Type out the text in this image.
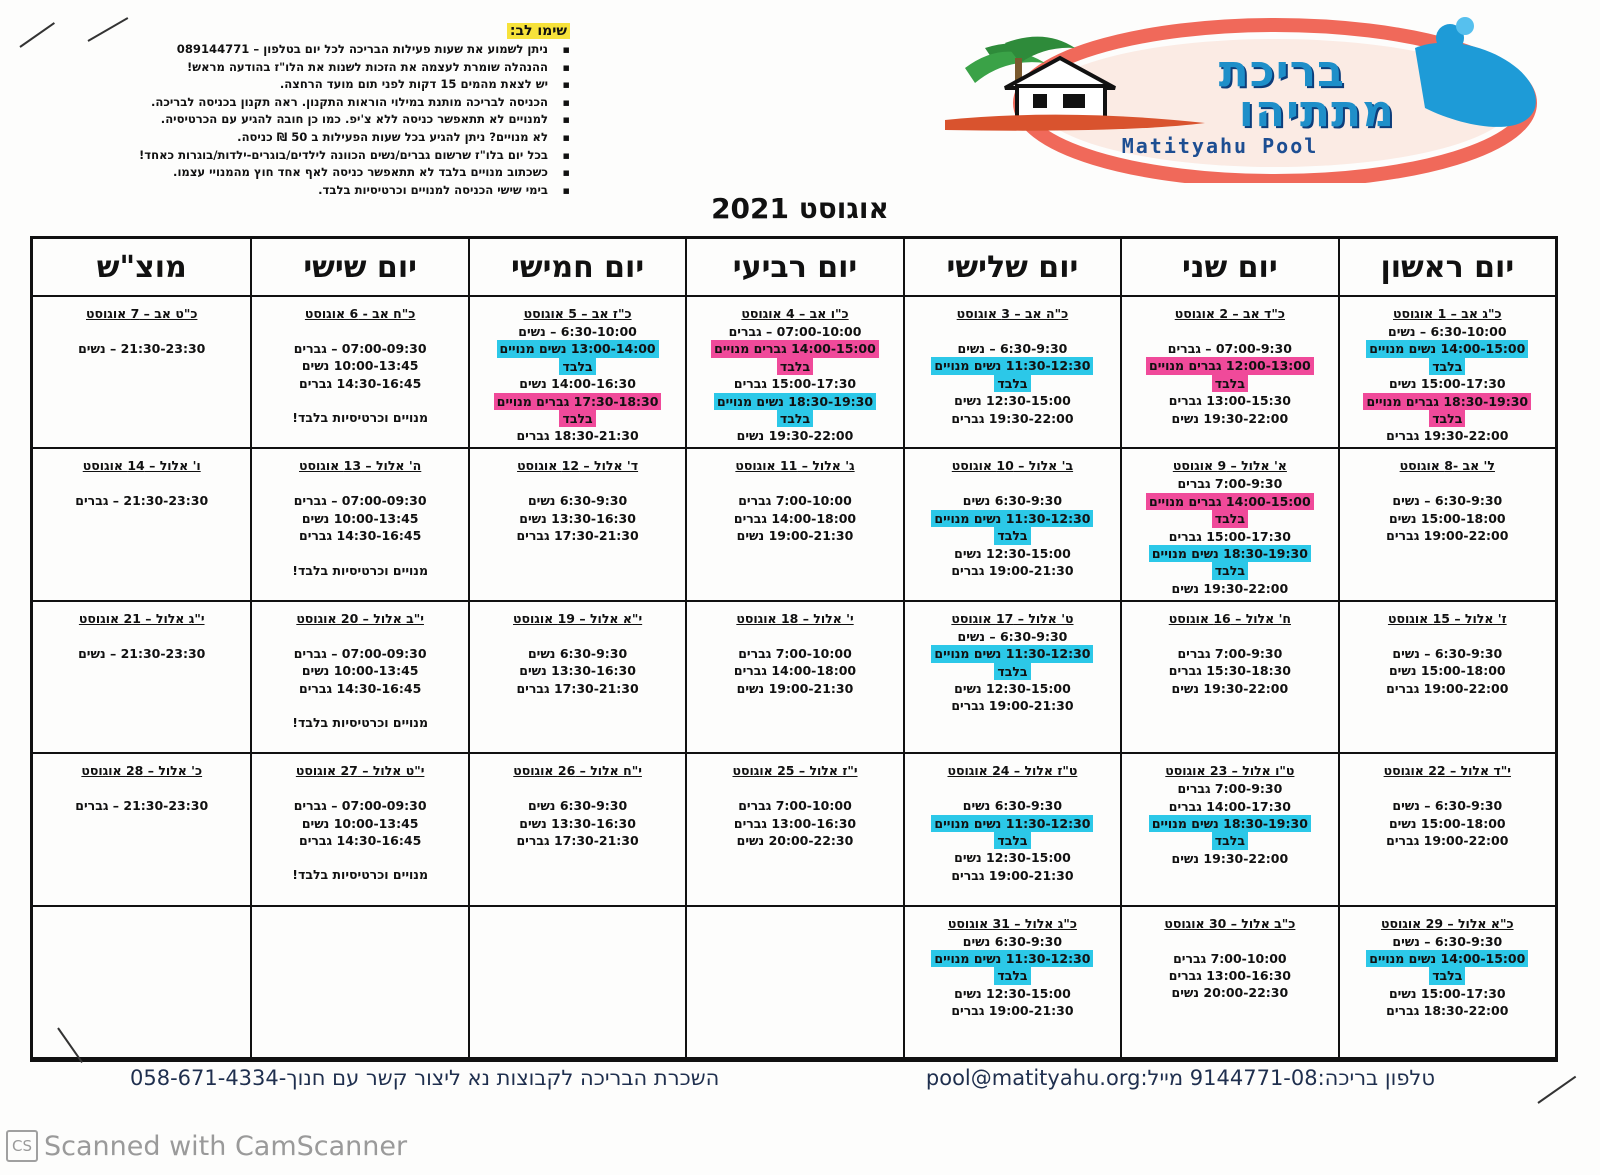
שימו לב:
▪ ניתן לשמוע את שעות פעילות הבריכה לכל יום בטלפון – 089144771
▪ ההנהלה שומרת לעצמה את הזכות לשנות את הלו"ז בהודעה מראש!
▪ יש לצאת מהמים 15 דקות לפני תום מועד הרחצה.
▪ הכניסה לבריכה מותנת במילוי הוראות התקנון. ראה תקנון בכניסה לבריכה.
▪ למנויים לא תתאפשר כניסה ללא צ'יפ. כמו כן חובה להגיע עם הכרטיסיה.
▪ לא מנויים? ניתן להגיע בכל שעות הפעילות ב 50 ₪ כניסה.
▪ בכל יום בלו"ז שרשום גברים/נשים הכוונה לילדים/בוגרים-ילדות/בוגרות כאחד!
▪ כשכתוב מנויים בלבד לא תתאפשר כניסה לאף אחד חוץ מהמנויי עצמו.
▪ בימי שישי הכניסה למנויים וכרטיסיות בלבד.
בריכת
מתתיהו
Matityahu Pool
אוגוסט 2021
יום ראשון
יום שני
יום שלישי
יום רביעי
יום חמישי
יום שישי
מוצ"ש
כ"ג אב – 1 אוגוסט
6:30-10:00 – נשים
14:00-15:00 נשים מנויים
בלבד
15:00-17:30 נשים
18:30-19:30 גברים מנויים
בלבד
19:30-22:00 גברים
כ"ד אב – 2 אוגוסט
07:00-9:30 – גברים
12:00-13:00 גברים מנויים
בלבד
13:00-15:30 גברים
19:30-22:00 נשים
כ"ה אב – 3 אוגוסט
6:30-9:30 – נשים
11:30-12:30 נשים מנויים
בלבד
12:30-15:00 נשים
19:30-22:00 גברים
כ"ו אב – 4 אוגוסט
07:00-10:00 – גברים
14:00-15:00 גברים מנויים
בלבד
15:00-17:30 גברים
18:30-19:30 נשים מנויים
בלבד
19:30-22:00 נשים
כ"ז אב – 5 אוגוסט
6:30-10:00 – נשים
13:00-14:00 נשים מנויים
בלבד
14:00-16:30 נשים
17:30-18:30 גברים מנויים
בלבד
18:30-21:30 גברים
כ"ח אב - 6 אוגוסט
07:00-09:30 – גברים
10:00-13:45 נשים
14:30-16:45 גברים
מנויים וכרטיסיות בלבד!
כ"ט אב – 7 אוגוסט
21:30-23:30 – נשים
ל' אב -8 אוגוסט
6:30-9:30 – נשים
15:00-18:00 נשים
19:00-22:00 גברים
א' אלול – 9 אוגוסט
7:00-9:30 גברים
14:00-15:00 גברים מנויים
בלבד
15:00-17:30 גברים
18:30-19:30 נשים מנויים
בלבד
19:30-22:00 נשים
ב' אלול – 10 אוגוסט
6:30-9:30 נשים
11:30-12:30 נשים מנויים
בלבד
12:30-15:00 נשים
19:00-21:30 גברים
ג' אלול – 11 אוגוסט
7:00-10:00 גברים
14:00-18:00 גברים
19:00-21:30 נשים
ד' אלול – 12 אוגוסט
6:30-9:30 נשים
13:30-16:30 נשים
17:30-21:30 גברים
ה' אלול – 13 אוגוסט
07:00-09:30 – גברים
10:00-13:45 נשים
14:30-16:45 גברים
מנויים וכרטיסיות בלבד!
ו' אלול – 14 אוגוסט
21:30-23:30 – גברים
ז' אלול – 15 אוגוסט
6:30-9:30 – נשים
15:00-18:00 נשים
19:00-22:00 גברים
ח' אלול – 16 אוגוסט
7:00-9:30 גברים
15:30-18:30 גברים
19:30-22:00 נשים
ט' אלול – 17 אוגוסט
6:30-9:30 – נשים
11:30-12:30 נשים מנויים
בלבד
12:30-15:00 נשים
19:00-21:30 גברים
י' אלול – 18 אוגוסט
7:00-10:00 גברים
14:00-18:00 גברים
19:00-21:30 נשים
י"א אלול – 19 אוגוסט
6:30-9:30 נשים
13:30-16:30 נשים
17:30-21:30 גברים
י"ב אלול – 20 אוגוסט
07:00-09:30 – גברים
10:00-13:45 נשים
14:30-16:45 גברים
מנויים וכרטיסיות בלבד!
י"ג אלול – 21 אוגוסט
21:30-23:30 – נשים
י"ד אלול – 22 אוגוסט
6:30-9:30 – נשים
15:00-18:00 נשים
19:00-22:00 גברים
ט"ו אלול – 23 אוגוסט
7:00-9:30 גברים
14:00-17:30 גברים
18:30-19:30 נשים מנויים
בלבד
19:30-22:00 נשים
ט"ז אלול – 24 אוגוסט
6:30-9:30 נשים
11:30-12:30 נשים מנויים
בלבד
12:30-15:00 נשים
19:00-21:30 גברים
י"ז אלול – 25 אוגוסט
7:00-10:00 גברים
13:00-16:30 גברים
20:00-22:30 נשים
י"ח אלול – 26 אוגוסט
6:30-9:30 נשים
13:30-16:30 נשים
17:30-21:30 גברים
י"ט אלול – 27 אוגוסט
07:00-09:30 – גברים
10:00-13:45 נשים
14:30-16:45 גברים
מנויים וכרטיסיות בלבד!
כ' אלול – 28 אוגוסט
21:30-23:30 – גברים
כ"א אלול – 29 אוגוסט
6:30-9:30 – נשים
14:00-15:00 נשים מנויים
בלבד
15:00-17:30 נשים
18:30-22:00 גברים
כ"ב אלול – 30 אוגוסט
7:00-10:00 גברים
13:00-16:30 גברים
20:00-22:30 נשים
כ"ג אלול – 31 אוגוסט
6:30-9:30 נשים
11:30-12:30 נשים מנויים
בלבד
12:30-15:00 נשים
19:00-21:30 גברים
טלפון בריכה:9144771-08 מייל:pool@matityahu.org
השכרת הבריכה לקבוצות נא ליצור קשר עם חנוך-058-671-4334
CS Scanned with CamScanner
